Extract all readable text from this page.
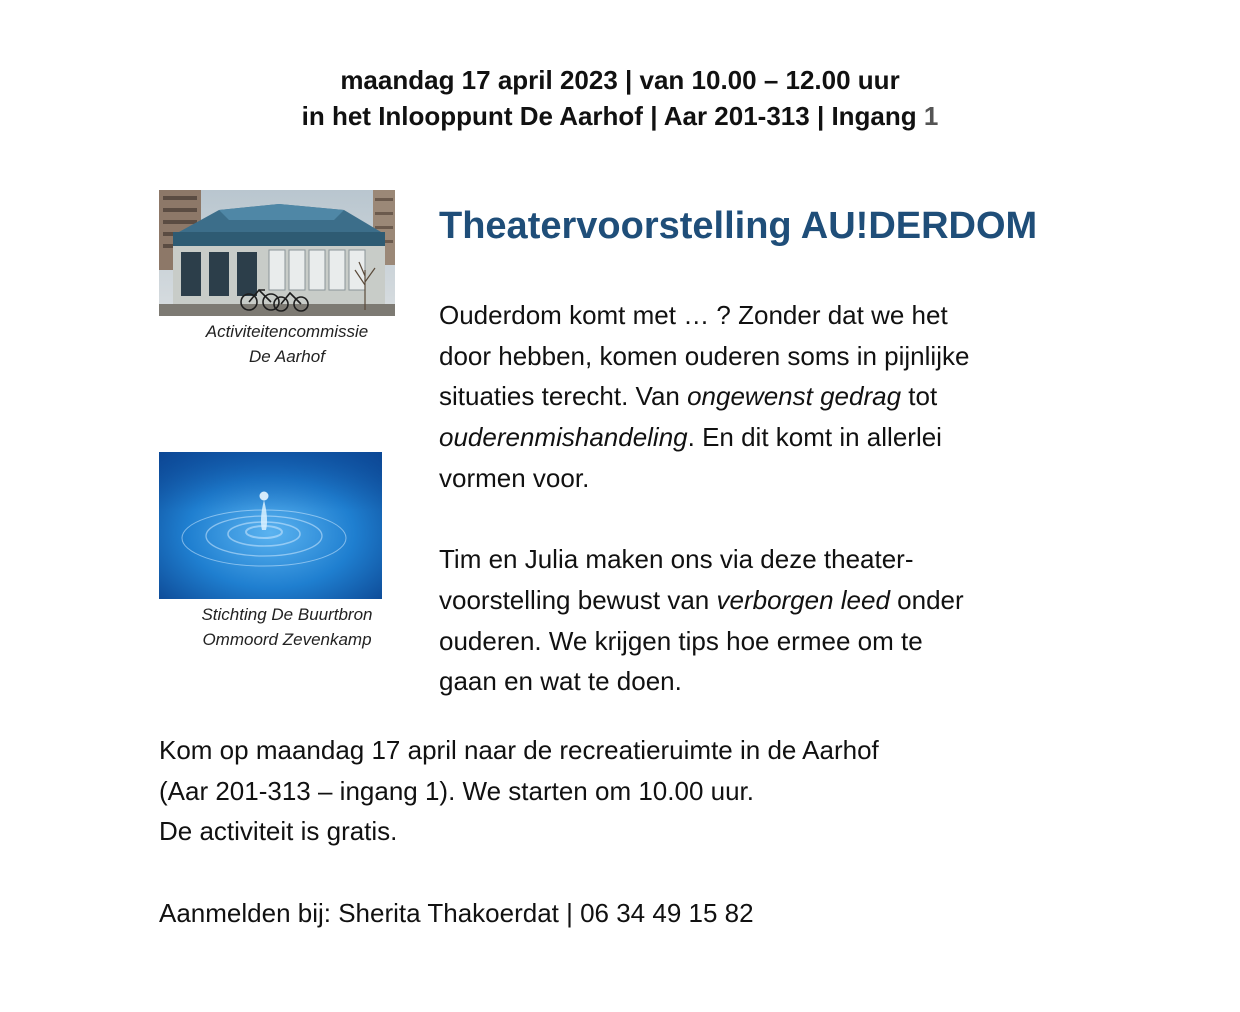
maandag 17 april 2023 | van 10.00 – 12.00 uur
in het Inlooppunt De Aarhof | Aar 201-313 | Ingang 1
Activiteitencommissie
De Aarhof
Stichting De Buurtbron
Ommoord Zevenkamp
Theatervoorstelling AU!DERDOM

Ouderdom komt met … ? Zonder dat we het
door hebben, komen ouderen soms in pijnlijke
situaties terecht. Van ongewenst gedrag tot
ouderenmishandeling. En dit komt in allerlei
vormen voor.

Tim en Julia maken ons via deze theater-
voorstelling bewust van verborgen leed onder
ouderen. We krijgen tips hoe ermee om te
gaan en wat te doen.

Kom op maandag 17 april naar de recreatieruimte in de Aarhof

(Aar 201-313 – ingang 1). We starten om 10.00 uur.

De activiteit is gratis.

Aanmelden bij: Sherita Thakoerdat | 06 34 49 15 82
